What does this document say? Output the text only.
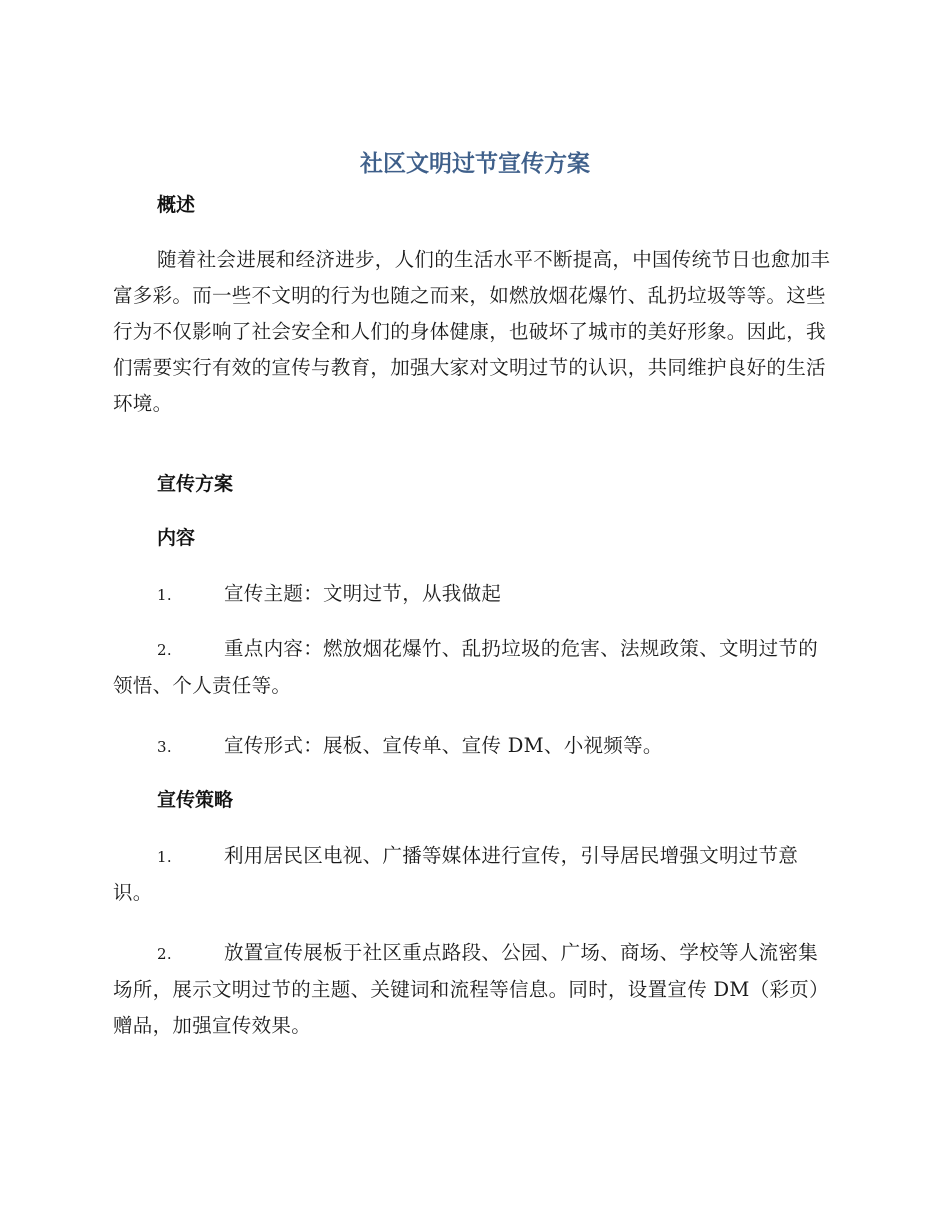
社区文明过节宣传方案
概述

随着社会进展和经济进步，人们的生活水平不断提高，中国传统节日也愈加丰富多彩。而一些不文明的行为也随之而来，如燃放烟花爆竹、乱扔垃圾等等。这些行为不仅影响了社会安全和人们的身体健康，也破坏了城市的美好形象。因此，我们需要实行有效的宣传与教育，加强大家对文明过节的认识，共同维护良好的生活环境。

宣传方案
内容

1.	宣传主题：文明过节，从我做起

2.	重点内容：燃放烟花爆竹、乱扔垃圾的危害、法规政策、文明过节的领悟、个人责任等。

3.	宣传形式：展板、宣传单、宣传 DM、小视频等。

宣传策略

1.	利用居民区电视、广播等媒体进行宣传，引导居民增强文明过节意识。

2.	放置宣传展板于社区重点路段、公园、广场、商场、学校等人流密集场所，展示文明过节的主题、关键词和流程等信息。同时，设置宣传 DM（彩页）赠品，加强宣传效果。
